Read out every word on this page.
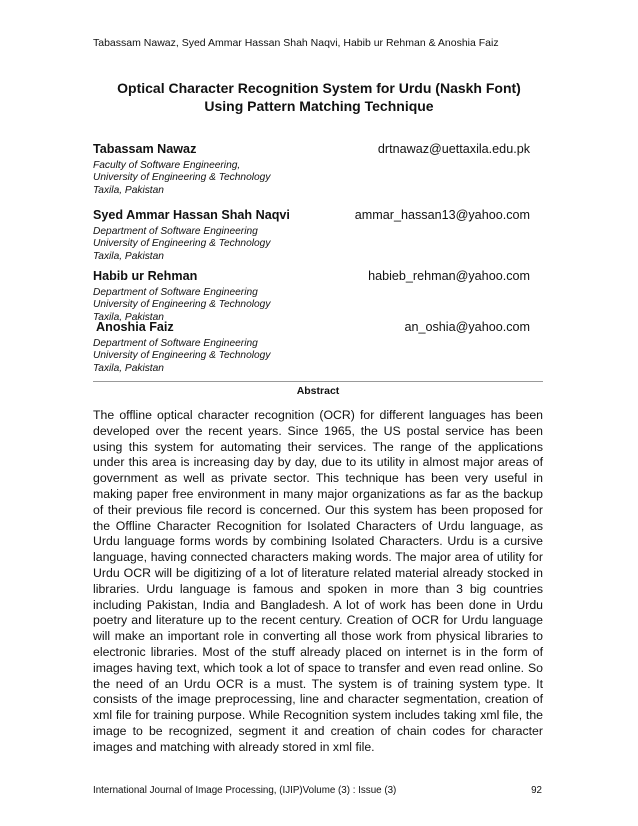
Tabassam Nawaz, Syed Ammar Hassan Shah Naqvi, Habib ur Rehman & Anoshia Faiz
Optical Character Recognition System for Urdu (Naskh Font)
Using Pattern Matching Technique
Tabassam Nawaz	drtnawaz@uettaxila.edu.pk
Faculty of Software Engineering,
University of Engineering & Technology
Taxila, Pakistan
Syed Ammar Hassan Shah Naqvi	ammar_hassan13@yahoo.com
Department of Software Engineering
University of Engineering & Technology
Taxila, Pakistan
Habib ur Rehman	habieb_rehman@yahoo.com
Department of Software Engineering
University of Engineering & Technology
Taxila, Pakistan
Anoshia Faiz	an_oshia@yahoo.com
Department of Software Engineering
University of Engineering & Technology
Taxila, Pakistan
Abstract

The offline optical character recognition (OCR) for different languages has been developed over the recent years. Since 1965, the US postal service has been using this system for automating their services. The range of the applications under this area is increasing day by day, due to its utility in almost major areas of government as well as private sector. This technique has been very useful in making paper free environment in many major organizations as far as the backup of their previous file record is concerned. Our this system has been proposed for the Offline Character Recognition for Isolated Characters of Urdu language, as Urdu language forms words by combining Isolated Characters. Urdu is a cursive language, having connected characters making words. The major area of utility for Urdu OCR will be digitizing of a lot of literature related material already stocked in libraries. Urdu language is famous and spoken in more than 3 big countries including Pakistan, India and Bangladesh. A lot of work has been done in Urdu poetry and literature up to the recent century. Creation of OCR for Urdu language will make an important role in converting all those work from physical libraries to electronic libraries. Most of the stuff already placed on internet is in the form of images having text, which took a lot of space to transfer and even read online. So the need of an Urdu OCR is a must. The system is of training system type. It consists of the image preprocessing, line and character segmentation, creation of xml file for training purpose. While Recognition system includes taking xml file, the image to be recognized, segment it and creation of chain codes for character images and matching with already stored in xml file.

International Journal of Image Processing, (IJIP)Volume (3) : Issue (3)	92
